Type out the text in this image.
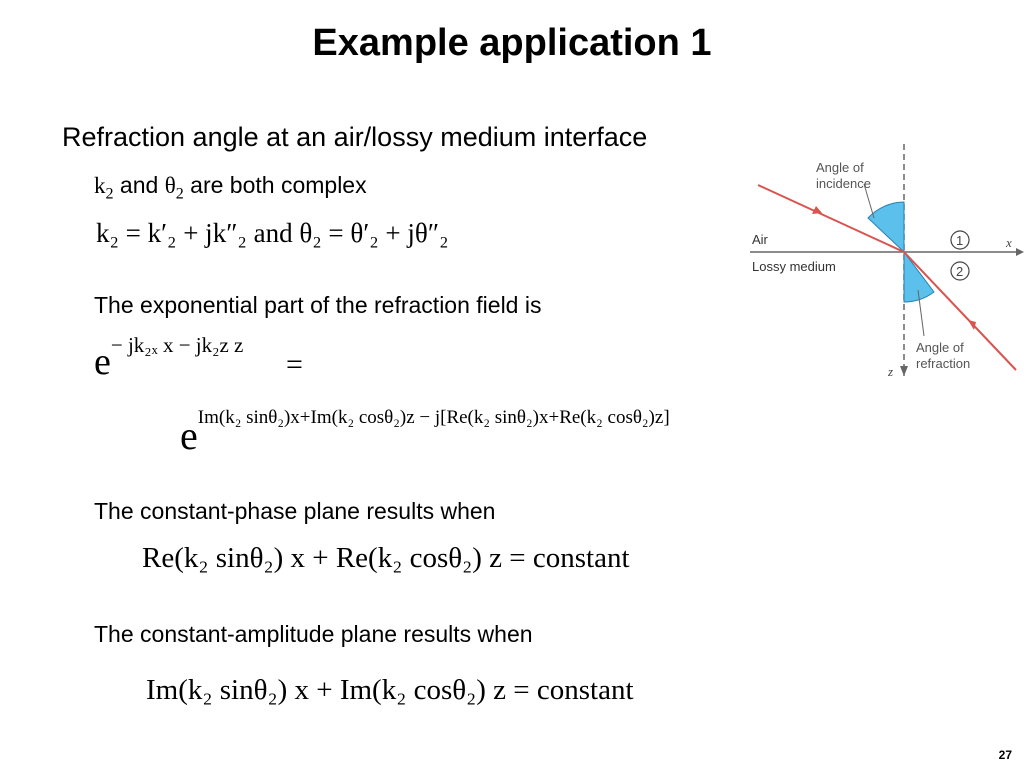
Example application 1
Refraction angle at an air/lossy medium interface
$k_2$ and $\theta_2$ are both complex
k₂ = k′₂ + jk″₂ and θ₂ = θ′₂ + jθ″₂
The exponential part of the refraction field is
$e^{- jk_{2x} x - jk_2z z}$
=
$e^{Im(k_2 sin\theta_2)x+Im(k_2 cos\theta_2)z - j[Re(k_2 sin\theta_2)x+Re(k_2 cos\theta_2)z]}$
The constant-phase plane results when
Re(k₂ sinθ₂) x + Re(k₂ cosθ₂) z = constant
The constant-amplitude plane results when
Im(k₂ sinθ₂) x + Im(k₂ cosθ₂) z = constant
Angle of
incidence
Air
Lossy medium
Angle of
refraction
1
2
x
z
27
